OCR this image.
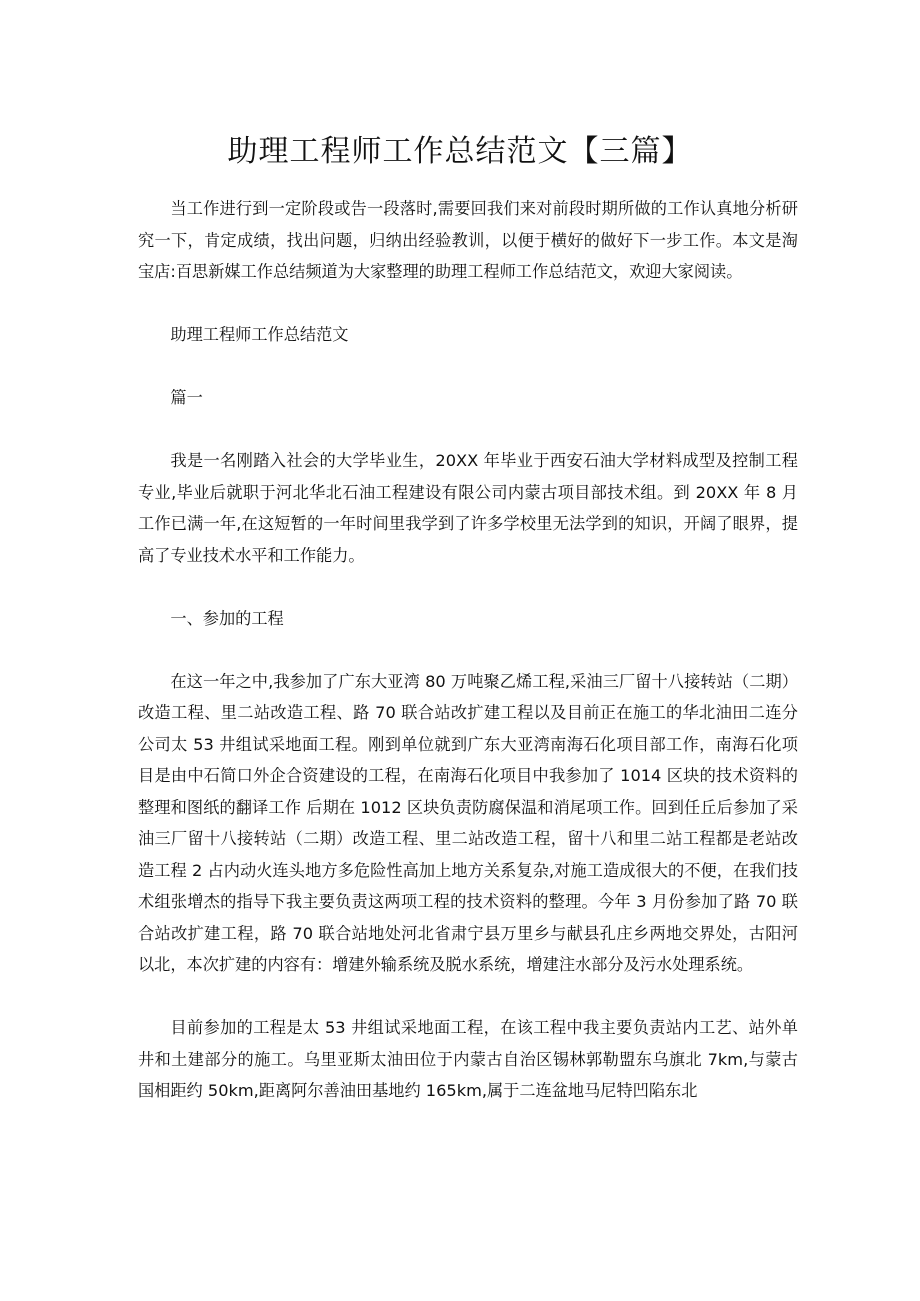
助理工程师工作总结范文【三篇】

当工作进行到一定阶段或告一段落时,需要回我们来对前段时期所做的工作认真地分析研究一下，肯定成绩，找出问题，归纳出经验教训，以便于横好的做好下一步工作。本文是淘宝店:百思新媒工作总结频道为大家整理的助理工程师工作总结范文，欢迎大家阅读。

助理工程师工作总结范文

篇一

我是一名刚踏入社会的大学毕业生，20XX 年毕业于西安石油大学材料成型及控制工程专业,毕业后就职于河北华北石油工程建设有限公司内蒙古项目部技术组。到 20XX 年 8 月工作已满一年,在这短暂的一年时间里我学到了许多学校里无法学到的知识，开阔了眼界，提高了专业技术水平和工作能力。

一、参加的工程

在这一年之中,我参加了广东大亚湾 80 万吨聚乙烯工程,采油三厂留十八接转站（二期）改造工程、里二站改造工程、路 70 联合站改扩建工程以及目前正在施工的华北油田二连分公司太 53 井组试采地面工程。刚到单位就到广东大亚湾南海石化项目部工作，南海石化项目是由中石简口外企合资建设的工程，在南海石化项目中我参加了 1014 区块的技术资料的整理和图纸的翻译工作 后期在 1012 区块负责防腐保温和消尾项工作。回到任丘后参加了采油三厂留十八接转站（二期）改造工程、里二站改造工程，留十八和里二站工程都是老站改造工程 2 占内动火连头地方多危险性高加上地方关系复杂,对施工造成很大的不便，在我们技术组张增杰的指导下我主要负责这两项工程的技术资料的整理。今年 3 月份参加了路 70 联合站改扩建工程，路 70 联合站地处河北省肃宁县万里乡与献县孔庄乡两地交界处，古阳河以北，本次扩建的内容有：增建外输系统及脱水系统，增建注水部分及污水处理系统。

目前参加的工程是太 53 井组试采地面工程，在该工程中我主要负责站内工艺、站外单井和土建部分的施工。乌里亚斯太油田位于内蒙古自治区锡林郭勒盟东乌旗北 7km,与蒙古国相距约 50km,距离阿尔善油田基地约 165km,属于二连盆地马尼特凹陷东北
